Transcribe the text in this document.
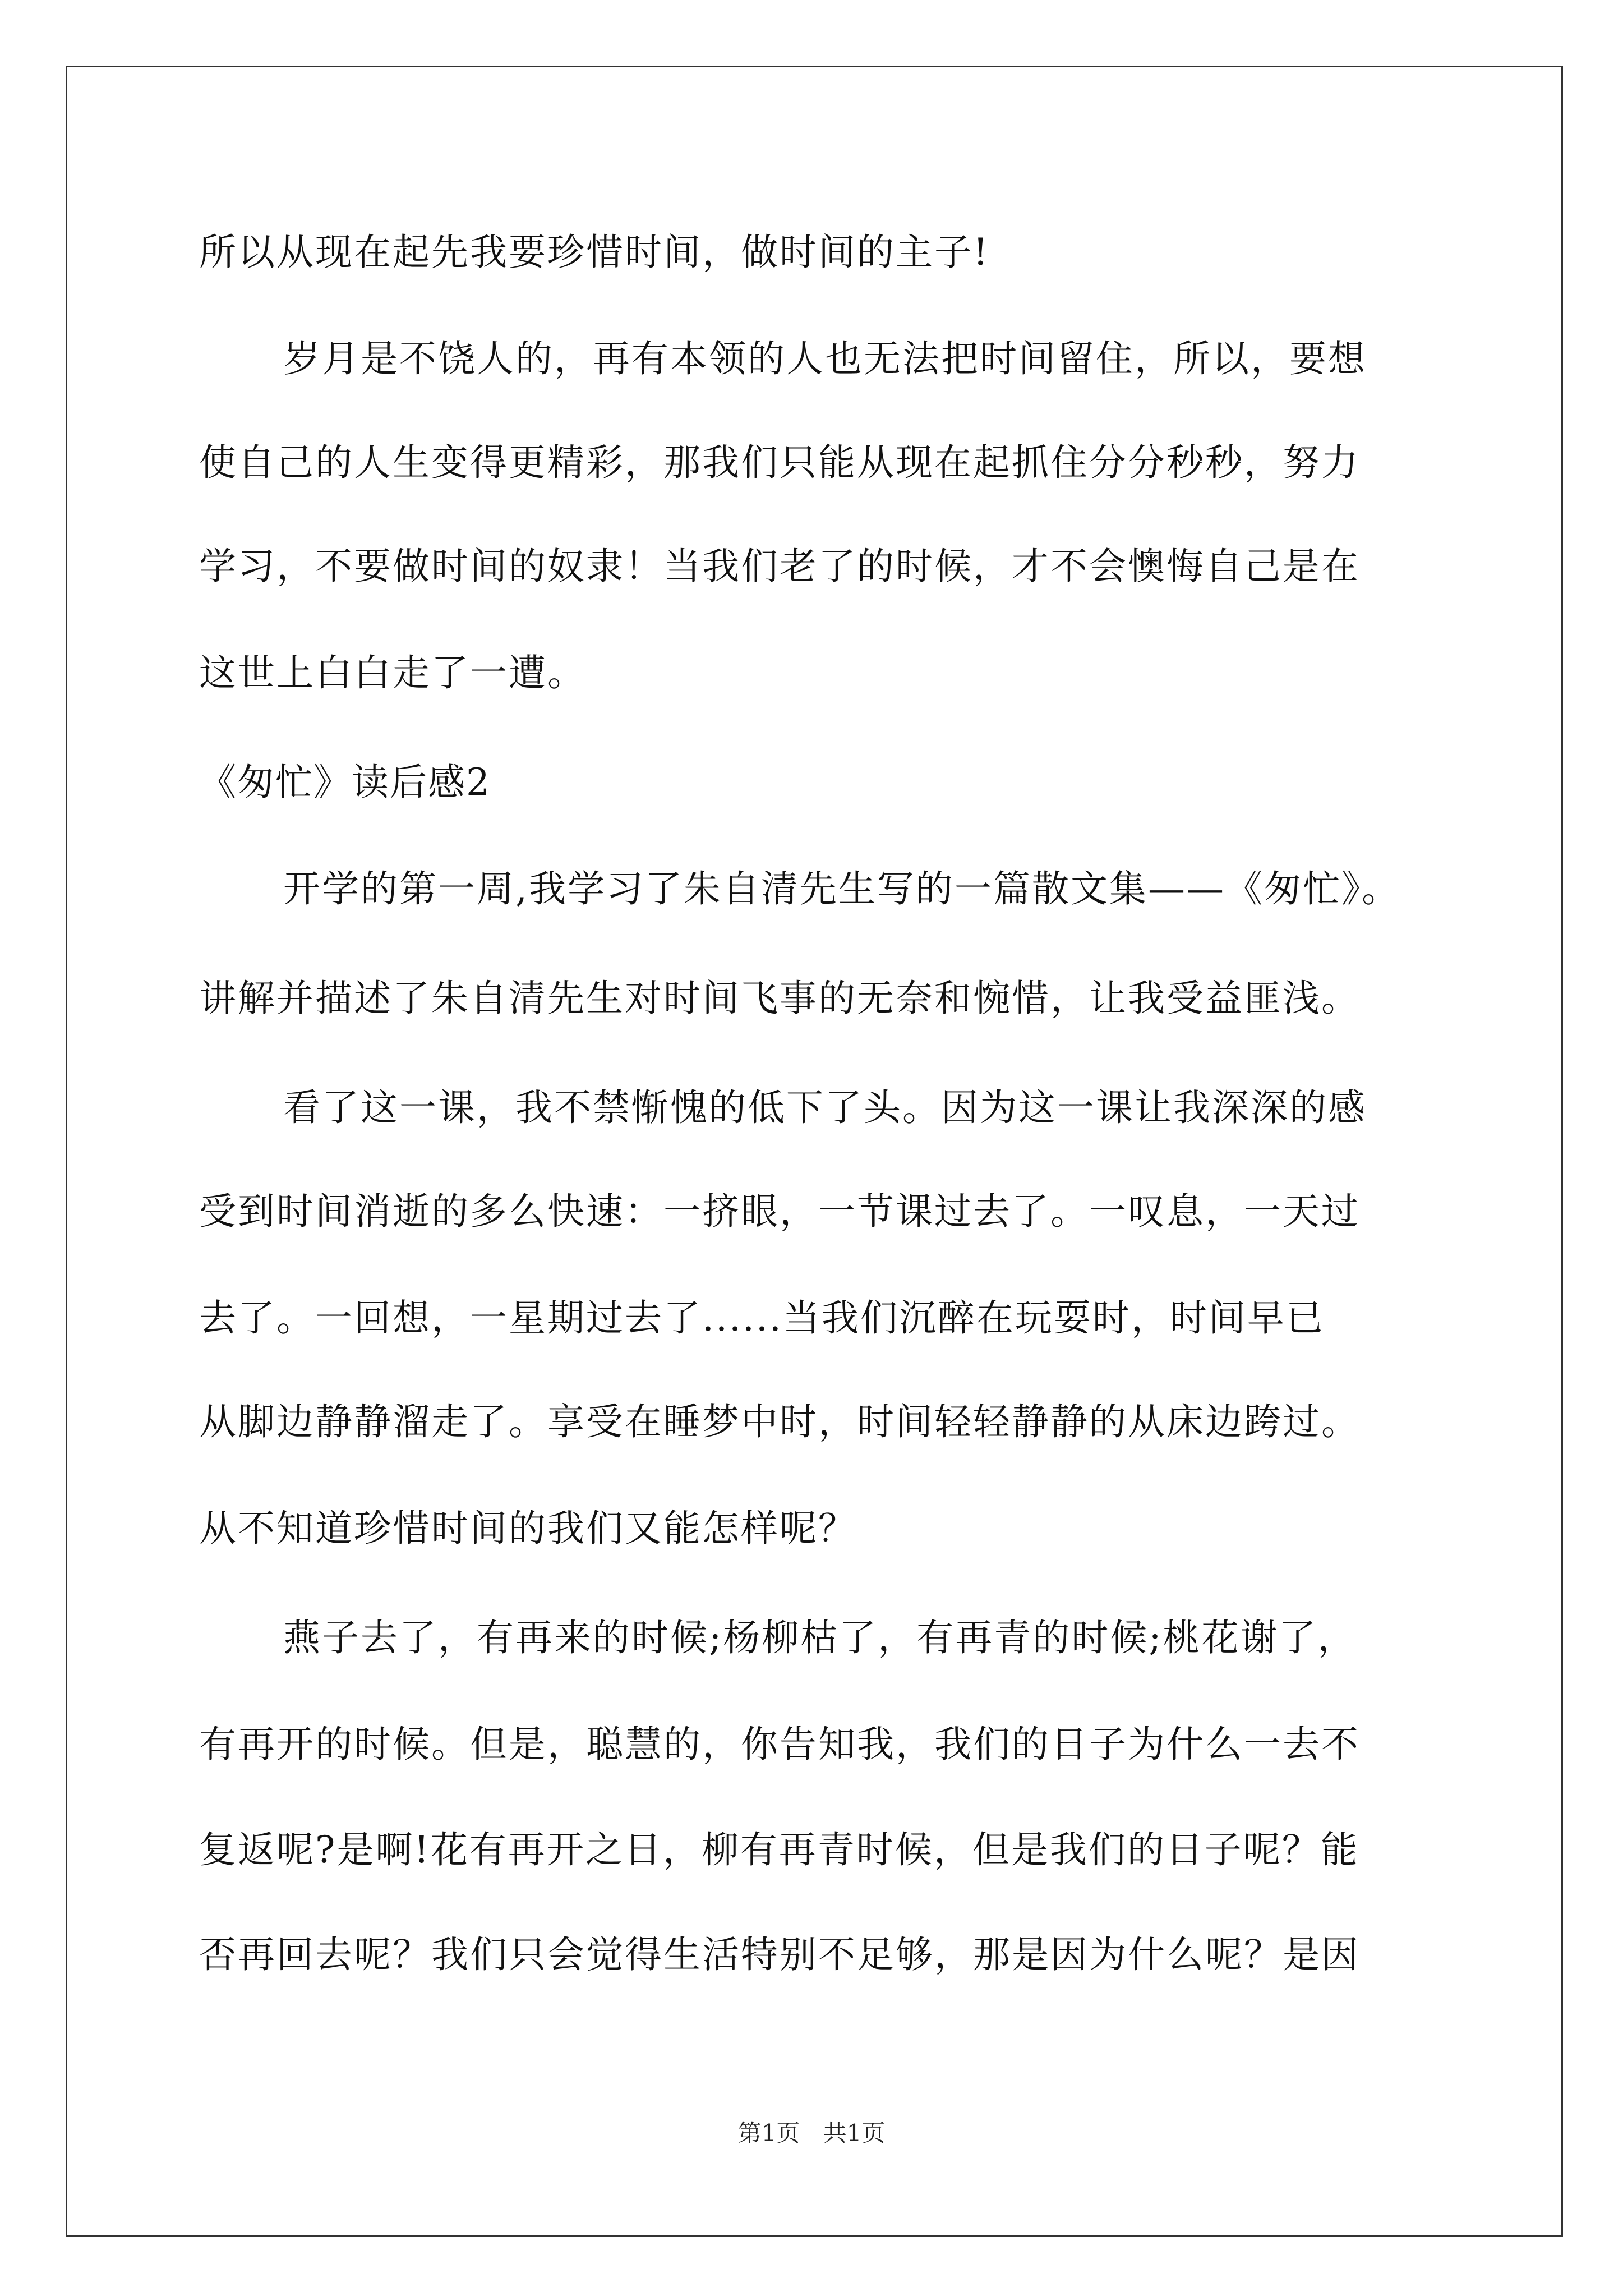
所以从现在起先我要珍惜时间，做时间的主子!
岁月是不饶人的，再有本领的人也无法把时间留住，所以，要想
使自己的人生变得更精彩，那我们只能从现在起抓住分分秒秒，努力
学习，不要做时间的奴隶！当我们老了的时候，才不会懊悔自己是在
这世上白白走了一遭。
《匆忙》读后感2
开学的第一周,我学习了朱自清先生写的一篇散文集——《匆忙》。
讲解并描述了朱自清先生对时间飞事的无奈和惋惜，让我受益匪浅。
看了这一课，我不禁惭愧的低下了头。因为这一课让我深深的感
受到时间消逝的多么快速：一挤眼，一节课过去了。一叹息，一天过
去了。一回想，一星期过去了......当我们沉醉在玩耍时，时间早已
从脚边静静溜走了。享受在睡梦中时，时间轻轻静静的从床边跨过。
从不知道珍惜时间的我们又能怎样呢？
燕子去了，有再来的时候;杨柳枯了，有再青的时候;桃花谢了，
有再开的时候。但是，聪慧的，你告知我，我们的日子为什么一去不
复返呢?是啊!花有再开之日，柳有再青时候，但是我们的日子呢？能
否再回去呢？我们只会觉得生活特别不足够，那是因为什么呢？是因
第1页 共1页
